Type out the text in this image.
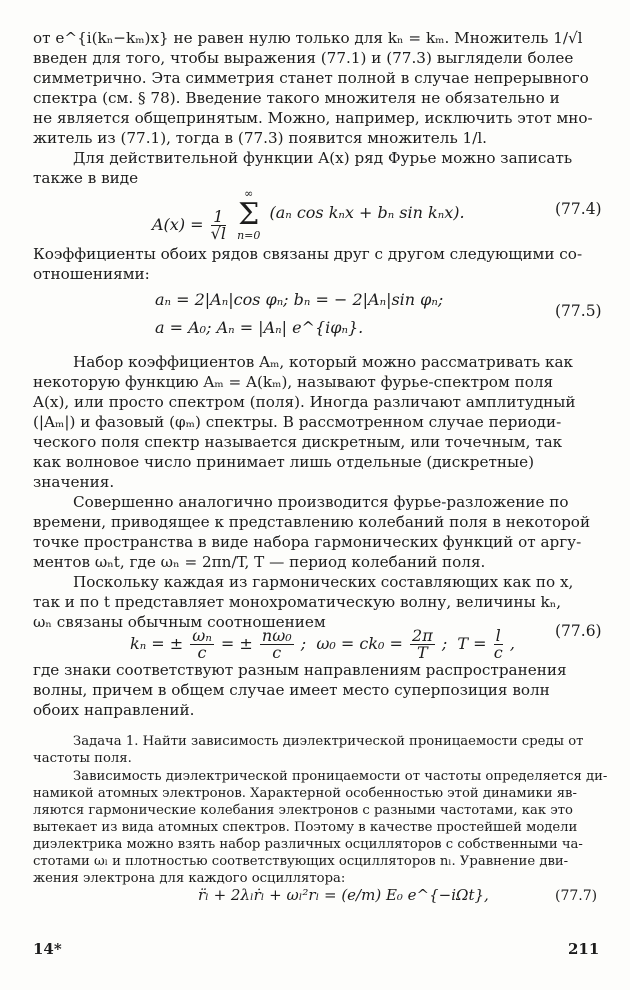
от e^{i(kₙ−kₘ)x} не равен нулю только для kₙ = kₘ. Множитель 1/√l
введен для того, чтобы выражения (77.1) и (77.3) выглядели более
симметрично. Эта симметрия станет полной в случае непрерывного
спектра (см. § 78). Введение такого множителя не обязательно и
не является общепринятым. Можно, например, исключить этот мно-
житель из (77.1), тогда в (77.3) появится множитель 1/l.
Для действительной функции A(x) ряд Фурье можно записать
также в виде
$A(x) = \frac{1}{√l}$

∞
Σ
n=0
(aₙ cos kₙx + bₙ sin kₙx).	(77.4)
Коэффициенты обоих рядов связаны друг с другом следующими со-
отношениями:
aₙ = 2|Aₙ|cos φₙ; bₙ = − 2|Aₙ|sin φₙ;
a = A₀; Aₙ = |Aₙ| e^{iφₙ}.
(77.5)
Набор коэффициентов Aₘ, который можно рассматривать как
некоторую функцию Aₘ = A(kₘ), называют фурье-спектром поля
A(x), или просто спектром (поля). Иногда различают амплитудный
(|Aₘ|) и фазовый (φₘ) спектры. В рассмотренном случае периоди-
ческого поля спектр называется дискретным, или точечным, так
как волновое число принимает лишь отдельные (дискретные)
значения.
Совершенно аналогично производится фурье-разложение по
времени, приводящее к представлению колебаний поля в некоторой
точке пространства в виде набора гармонических функций от аргу-
ментов ωₙt, где ωₙ = 2πn/T, T — период колебаний поля.
Поскольку каждая из гармонических составляющих как по x,
так и по t представляет монохроматическую волну, величины kₙ,
ωₙ связаны обычным соотношением
kₙ = ± $\frac{\text{ωₙ}}{c}$ = ± $\frac{\text{nω₀}}{c}$ ;  $\omega_0 = ck_0 = \frac{2\pi}{T}$ ;  $T = \frac{l}{c}$ ,
(77.6)
где знаки соответствуют разным направлениям распространения
волны, причем в общем случае имеет место суперпозиция волн
обоих направлений.
Задача 1. Найти зависимость диэлектрической проницаемости среды от
частоты поля.
Зависимость диэлектрической проницаемости от частоты определяется ди-
намикой атомных электронов. Характерной особенностью этой динамики яв-
ляются гармонические колебания электронов с разными частотами, как это
вытекает из вида атомных спектров. Поэтому в качестве простейшей модели
диэлектрика можно взять набор различных осцилляторов с собственными ча-
стотами ωₗ и плотностью соответствующих осцилляторов nₗ. Уравнение дви-
жения электрона для каждого осциллятора:
r̈ₗ + 2λₗṙₗ + ωₗ²rₗ = (e/m) E₀ e^{−iΩt},	(77.7)
14*	211
